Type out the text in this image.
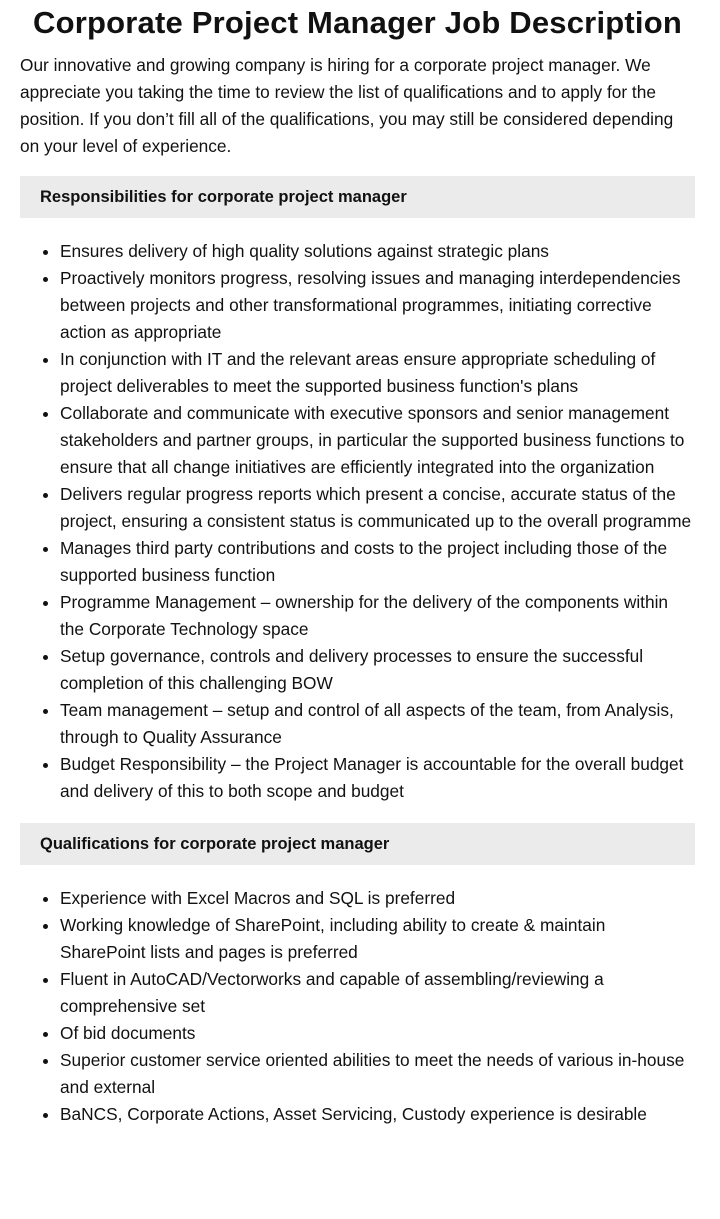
Corporate Project Manager Job Description

Our innovative and growing company is hiring for a corporate project manager. We appreciate you taking the time to review the list of qualifications and to apply for the position. If you don’t fill all of the qualifications, you may still be considered depending on your level of experience.

Responsibilities for corporate project manager
• Ensures delivery of high quality solutions against strategic plans
• Proactively monitors progress, resolving issues and managing interdependencies between projects and other transformational programmes, initiating corrective action as appropriate
• In conjunction with IT and the relevant areas ensure appropriate scheduling of project deliverables to meet the supported business function's plans
• Collaborate and communicate with executive sponsors and senior management stakeholders and partner groups, in particular the supported business functions to ensure that all change initiatives are efficiently integrated into the organization
• Delivers regular progress reports which present a concise, accurate status of the project, ensuring a consistent status is communicated up to the overall programme
• Manages third party contributions and costs to the project including those of the supported business function
• Programme Management – ownership for the delivery of the components within the Corporate Technology space
• Setup governance, controls and delivery processes to ensure the successful completion of this challenging BOW
• Team management – setup and control of all aspects of the team, from Analysis, through to Quality Assurance
• Budget Responsibility – the Project Manager is accountable for the overall budget and delivery of this to both scope and budget
Qualifications for corporate project manager
• Experience with Excel Macros and SQL is preferred
• Working knowledge of SharePoint, including ability to create & maintain SharePoint lists and pages is preferred
• Fluent in AutoCAD/Vectorworks and capable of assembling/reviewing a comprehensive set
• Of bid documents
• Superior customer service oriented abilities to meet the needs of various in-house and external
• BaNCS, Corporate Actions, Asset Servicing, Custody experience is desirable
